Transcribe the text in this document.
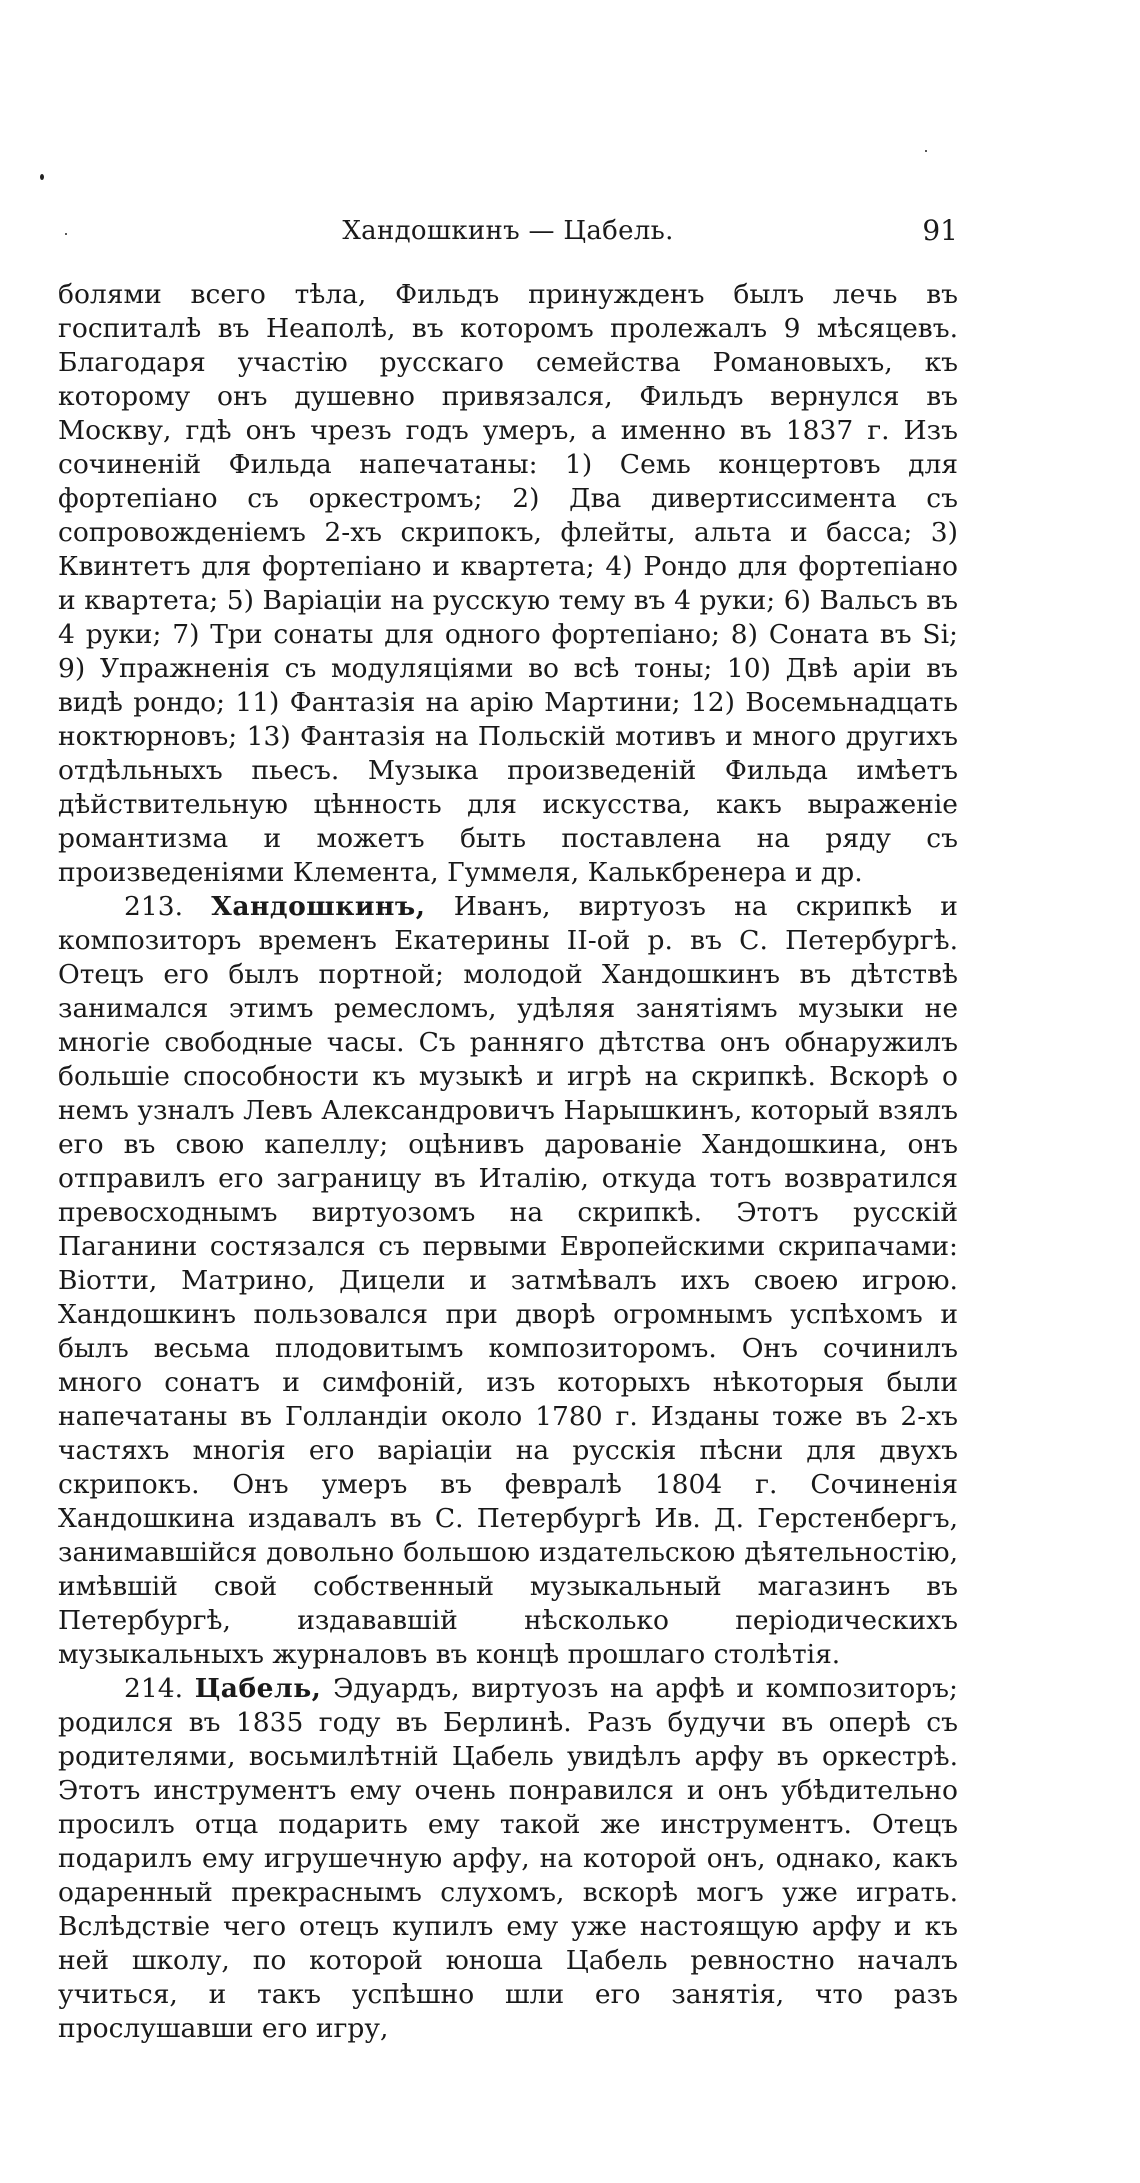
Хандошкинъ — Цабель.	91

болями всего тѣла, Фильдъ принужденъ былъ лечь въ госпиталѣ въ Неаполѣ, въ которомъ пролежалъ 9 мѣсяцевъ. Благодаря участію русскаго семейства Романовыхъ, къ которому онъ душевно привязался, Фильдъ вернулся въ Москву, гдѣ онъ чрезъ годъ умеръ, а именно въ 1837 г. Изъ сочиненій Фильда напечатаны: 1) Семь концертовъ для фортепіано съ оркестромъ; 2) Два дивертиссимента съ сопровожденіемъ 2-хъ скрипокъ, флейты, альта и басса; 3) Квинтетъ для фортепіано и квартета; 4) Рондо для фортепіано и квартета; 5) Варіаціи на русскую тему въ 4 руки; 6) Вальсъ въ 4 руки; 7) Три сонаты для одного фортепіано; 8) Соната въ Si; 9) Упражненія съ модуляціями во всѣ тоны; 10) Двѣ аріи въ видѣ рондо; 11) Фантазія на арію Мартини; 12) Восемьнадцать ноктюрновъ; 13) Фантазія на Польскій мотивъ и много другихъ отдѣльныхъ пьесъ. Музыка произведеній Фильда имѣетъ дѣйствительную цѣнность для искусства, какъ выраженіе романтизма и можетъ быть поставлена на ряду съ произведеніями Клемента, Гуммеля, Калькбренера и др.

213. Хандошкинъ, Иванъ, виртуозъ на скрипкѣ и композиторъ временъ Екатерины II-ой р. въ С. Петербургѣ. Отецъ его былъ портной; молодой Хандошкинъ въ дѣтствѣ занимался этимъ ремесломъ, удѣляя занятіямъ музыки не многіе свободные часы. Съ ранняго дѣтства онъ обнаружилъ большіе способности къ музыкѣ и игрѣ на скрипкѣ. Вскорѣ о немъ узналъ Левъ Александровичъ Нарышкинъ, который взялъ его въ свою капеллу; оцѣнивъ дарованіе Хандошкина, онъ отправилъ его заграницу въ Италію, откуда тотъ возвратился превосходнымъ виртуозомъ на скрипкѣ. Этотъ русскій Паганини состязался съ первыми Европейскими скрипачами: Віотти, Матрино, Дицели и затмѣвалъ ихъ своею игрою. Хандошкинъ пользовался при дворѣ огромнымъ успѣхомъ и былъ весьма плодовитымъ композиторомъ. Онъ сочинилъ много сонатъ и симфоній, изъ которыхъ нѣкоторыя были напечатаны въ Голландіи около 1780 г. Изданы тоже въ 2-хъ частяхъ многія его варіаціи на русскія пѣсни для двухъ скрипокъ. Онъ умеръ въ февралѣ 1804 г. Сочиненія Хандошкина издавалъ въ С. Петербургѣ Ив. Д. Герстенбергъ, занимавшійся довольно большою издательскою дѣятельностію, имѣвшій свой собственный музыкальный магазинъ въ Петербургѣ, издававшій нѣсколько періодическихъ музыкальныхъ журналовъ въ концѣ прошлаго столѣтія.

214. Цабель, Эдуардъ, виртуозъ на арфѣ и композиторъ; родился въ 1835 году въ Берлинѣ. Разъ будучи въ оперѣ съ родителями, восьмилѣтній Цабель увидѣлъ арфу въ оркестрѣ. Этотъ инструментъ ему очень понравился и онъ убѣдительно просилъ отца подарить ему такой же инструментъ. Отецъ подарилъ ему игрушечную арфу, на которой онъ, однако, какъ одаренный прекраснымъ слухомъ, вскорѣ могъ уже играть. Вслѣдствіе чего отецъ купилъ ему уже настоящую арфу и къ ней школу, по которой юноша Цабель ревностно началъ учиться, и такъ успѣшно шли его занятія, что разъ прослушавши его игру,
